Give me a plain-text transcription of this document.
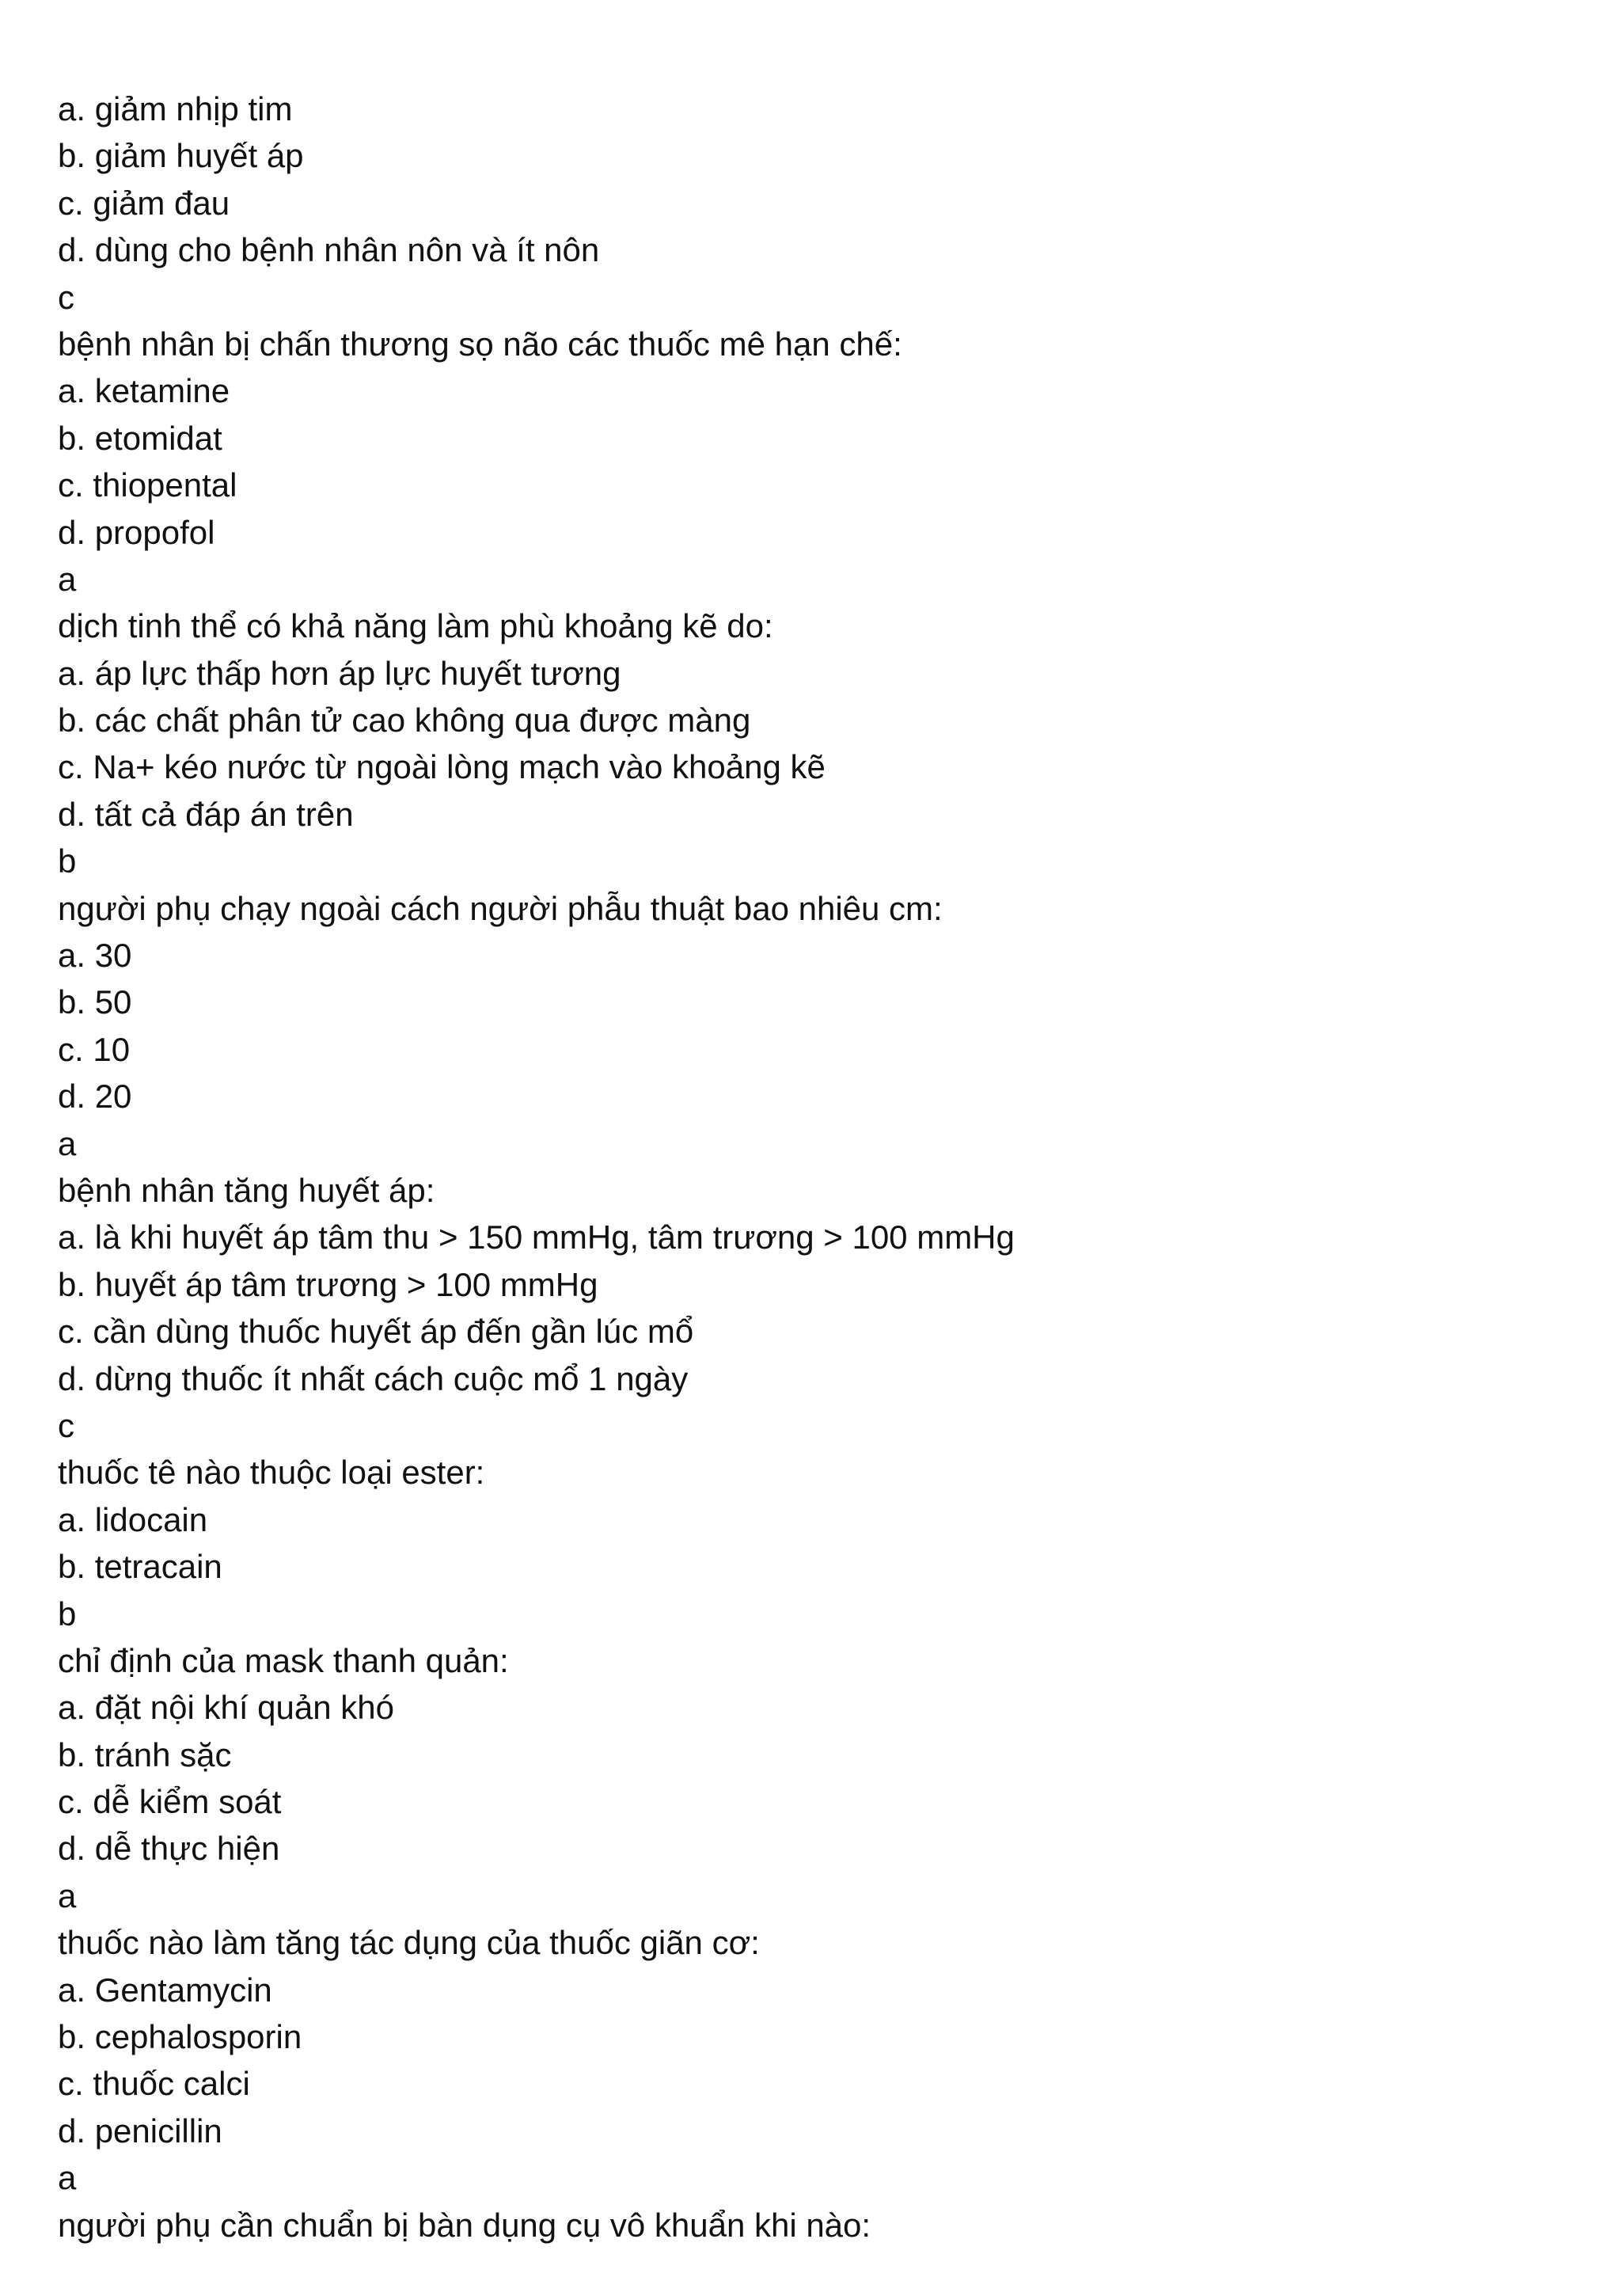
a. giảm nhịp tim
b. giảm huyết áp
c. giảm đau
d. dùng cho bệnh nhân nôn và ít nôn
c
bệnh nhân bị chấn thương sọ não các thuốc mê hạn chế:
a. ketamine
b. etomidat
c. thiopental
d. propofol
a
dịch tinh thể có khả năng làm phù khoảng kẽ do:
a. áp lực thấp hơn áp lực huyết tương
b. các chất phân tử cao không qua được màng
c. Na+ kéo nước từ ngoài lòng mạch vào khoảng kẽ
d. tất cả đáp án trên
b
người phụ chạy ngoài cách người phẫu thuật bao nhiêu cm:
a. 30
b. 50
c. 10
d. 20
a
bệnh nhân tăng huyết áp:
a. là khi huyết áp tâm thu > 150 mmHg, tâm trương > 100 mmHg
b. huyết áp tâm trương > 100 mmHg
c. cần dùng thuốc huyết áp đến gần lúc mổ
d. dừng thuốc ít nhất cách cuộc mổ 1 ngày
c
thuốc tê nào thuộc loại ester:
a. lidocain
b. tetracain
b
chỉ định của mask thanh quản:
a. đặt nội khí quản khó
b. tránh sặc
c. dễ kiểm soát
d. dễ thực hiện
a
thuốc nào làm tăng tác dụng của thuốc giãn cơ:
a. Gentamycin
b. cephalosporin
c. thuốc calci
d. penicillin
a
người phụ cần chuẩn bị bàn dụng cụ vô khuẩn khi nào:
